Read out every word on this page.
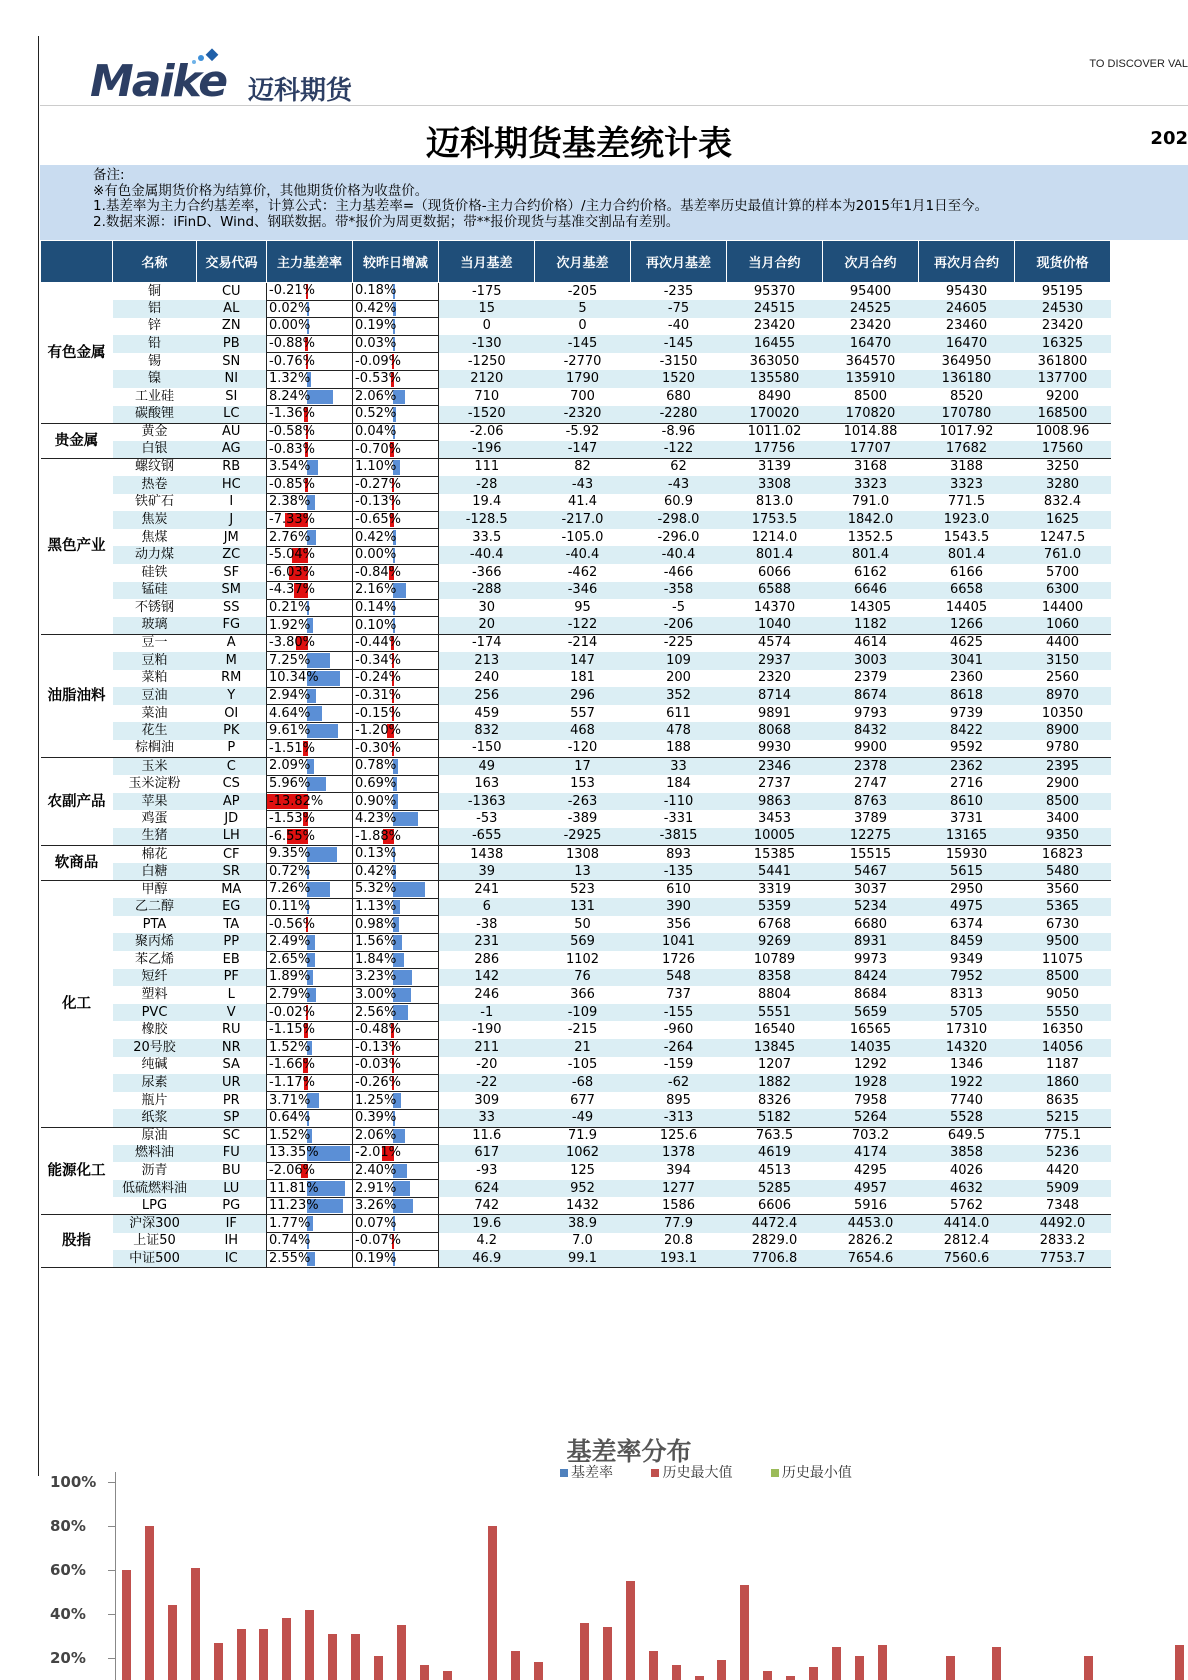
Maike 迈科期货
TO DISCOVER VAL
迈科期货基差统计表	202
备注:
※有色金属期货价格为结算价，其他期货价格为收盘价。
1.基差率为主力合约基差率，计算公式：主力基差率=（现货价格-主力合约价格）/主力合约价格。基差率历史最值计算的样本为2015年1月1日至今。
2.数据来源：iFinD、Wind、钢联数据。带*报价为周更数据；带**报价现货与基准交割品有差别。
	名称	交易代码	主力基差率	较昨日增减	当月基差	次月基差	再次月基差	当月合约	次月合约	再次月合约	现货价格
有色金属	铜	CU	-0.21%	0.18%	-175	-205	-235	95370	95400	95430	95195
	铝	AL	0.02%	0.42%	15	5	-75	24515	24525	24605	24530
	锌	ZN	0.00%	0.19%	0	0	-40	23420	23420	23460	23420
	铅	PB	-0.88%	0.03%	-130	-145	-145	16455	16470	16470	16325
	锡	SN	-0.76%	-0.09%	-1250	-2770	-3150	363050	364570	364950	361800
	镍	NI	1.32%	-0.53%	2120	1790	1520	135580	135910	136180	137700
	工业硅	SI	8.24%	2.06%	710	700	680	8490	8500	8520	9200
	碳酸锂	LC	-1.36%	0.52%	-1520	-2320	-2280	170020	170820	170780	168500
贵金属	黄金	AU	-0.58%	0.04%	-2.06	-5.92	-8.96	1011.02	1014.88	1017.92	1008.96
	白银	AG	-0.83%	-0.70%	-196	-147	-122	17756	17707	17682	17560
黑色产业	螺纹钢	RB	3.54%	1.10%	111	82	62	3139	3168	3188	3250
	热卷	HC	-0.85%	-0.27%	-28	-43	-43	3308	3323	3323	3280
	铁矿石	I	2.38%	-0.13%	19.4	41.4	60.9	813.0	791.0	771.5	832.4
	焦炭	J	-7.33%	-0.65%	-128.5	-217.0	-298.0	1753.5	1842.0	1923.0	1625
	焦煤	JM	2.76%	0.42%	33.5	-105.0	-296.0	1214.0	1352.5	1543.5	1247.5
	动力煤	ZC	-5.04%	0.00%	-40.4	-40.4	-40.4	801.4	801.4	801.4	761.0
	硅铁	SF	-6.03%	-0.84%	-366	-462	-466	6066	6162	6166	5700
	锰硅	SM	-4.37%	2.16%	-288	-346	-358	6588	6646	6658	6300
	不锈钢	SS	0.21%	0.14%	30	95	-5	14370	14305	14405	14400
	玻璃	FG	1.92%	0.10%	20	-122	-206	1040	1182	1266	1060
油脂油料	豆一	A	-3.80%	-0.44%	-174	-214	-225	4574	4614	4625	4400
	豆粕	M	7.25%	-0.34%	213	147	109	2937	3003	3041	3150
	菜粕	RM	10.34%	-0.24%	240	181	200	2320	2379	2360	2560
	豆油	Y	2.94%	-0.31%	256	296	352	8714	8674	8618	8970
	菜油	OI	4.64%	-0.15%	459	557	611	9891	9793	9739	10350
	花生	PK	9.61%	-1.20%	832	468	478	8068	8432	8422	8900
	棕榈油	P	-1.51%	-0.30%	-150	-120	188	9930	9900	9592	9780
农副产品	玉米	C	2.09%	0.78%	49	17	33	2346	2378	2362	2395
	玉米淀粉	CS	5.96%	0.69%	163	153	184	2737	2747	2716	2900
	苹果	AP	-13.82%	0.90%	-1363	-263	-110	9863	8763	8610	8500
	鸡蛋	JD	-1.53%	4.23%	-53	-389	-331	3453	3789	3731	3400
	生猪	LH	-6.55%	-1.88%	-655	-2925	-3815	10005	12275	13165	9350
软商品	棉花	CF	9.35%	0.13%	1438	1308	893	15385	15515	15930	16823
	白糖	SR	0.72%	0.42%	39	13	-135	5441	5467	5615	5480
化工	甲醇	MA	7.26%	5.32%	241	523	610	3319	3037	2950	3560
	乙二醇	EG	0.11%	1.13%	6	131	390	5359	5234	4975	5365
	PTA	TA	-0.56%	0.98%	-38	50	356	6768	6680	6374	6730
	聚丙烯	PP	2.49%	1.56%	231	569	1041	9269	8931	8459	9500
	苯乙烯	EB	2.65%	1.84%	286	1102	1726	10789	9973	9349	11075
	短纤	PF	1.89%	3.23%	142	76	548	8358	8424	7952	8500
	塑料	L	2.79%	3.00%	246	366	737	8804	8684	8313	9050
	PVC	V	-0.02%	2.56%	-1	-109	-155	5551	5659	5705	5550
	橡胶	RU	-1.15%	-0.48%	-190	-215	-960	16540	16565	17310	16350
	20号胶	NR	1.52%	-0.13%	211	21	-264	13845	14035	14320	14056
	纯碱	SA	-1.66%	-0.03%	-20	-105	-159	1207	1292	1346	1187
	尿素	UR	-1.17%	-0.26%	-22	-68	-62	1882	1928	1922	1860
	瓶片	PR	3.71%	1.25%	309	677	895	8326	7958	7740	8635
	纸浆	SP	0.64%	0.39%	33	-49	-313	5182	5264	5528	5215
能源化工	原油	SC	1.52%	2.06%	11.6	71.9	125.6	763.5	703.2	649.5	775.1
	燃料油	FU	13.35%	-2.01%	617	1062	1378	4619	4174	3858	5236
	沥青	BU	-2.06%	2.40%	-93	125	394	4513	4295	4026	4420
	低硫燃料油	LU	11.81%	2.91%	624	952	1277	5285	4957	4632	5909
	LPG	PG	11.23%	3.26%	742	1432	1586	6606	5916	5762	7348
股指	沪深300	IF	1.77%	0.07%	19.6	38.9	77.9	4472.4	4453.0	4414.0	4492.0
	上证50	IH	0.74%	-0.07%	4.2	7.0	20.8	2829.0	2826.2	2812.4	2833.2
	中证500	IC	2.55%	0.19%	46.9	99.1	193.1	7706.8	7654.6	7560.6	7753.7
基差率分布
基差率	历史最大值	历史最小值
100%
80%
60%
40%
20%
